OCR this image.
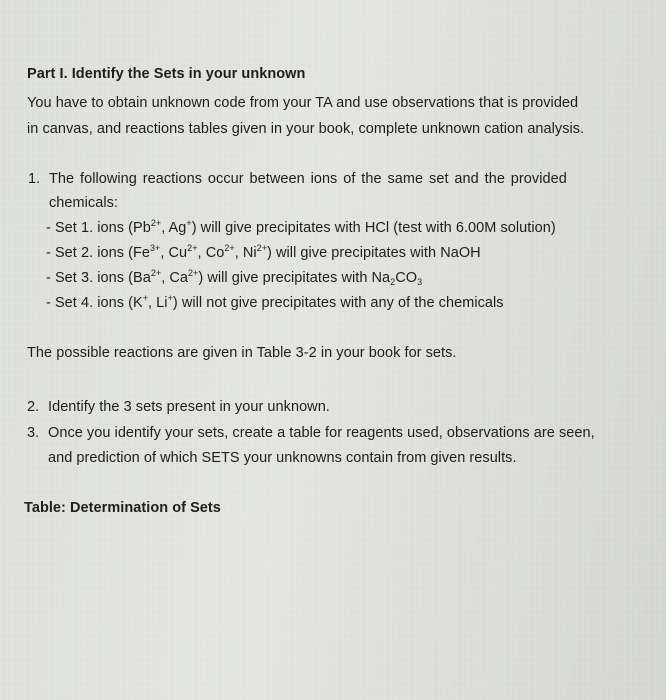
Part I. Identify the Sets in your unknown
You have to obtain unknown code from your TA and use observations that is provided
in canvas, and reactions tables given in your book, complete unknown cation analysis.
1. The following reactions occur between ions of the same set and the provided
chemicals:
- Set 1. ions ($Pb^{2+}$, Ag+) will give precipitates with HCl (test with 6.00M solution)
- Set 2. ions ($Fe^{3+}$, $Cu^{2+}$, $Co^{2+}$, $Ni^{2+}$) will give precipitates with NaOH
- Set 3. ions ($Ba^{2+}$, $Ca^{2+}$) will give precipitates with $Na_2CO_3$
- Set 4. ions (K+, Li+) will not give precipitates with any of the chemicals
The possible reactions are given in Table 3-2 in your book for sets.
2. Identify the 3 sets present in your unknown.
3. Once you identify your sets, create a table for reagents used, observations are seen,
and prediction of which SETS your unknowns contain from given results.
Table: Determination of Sets
